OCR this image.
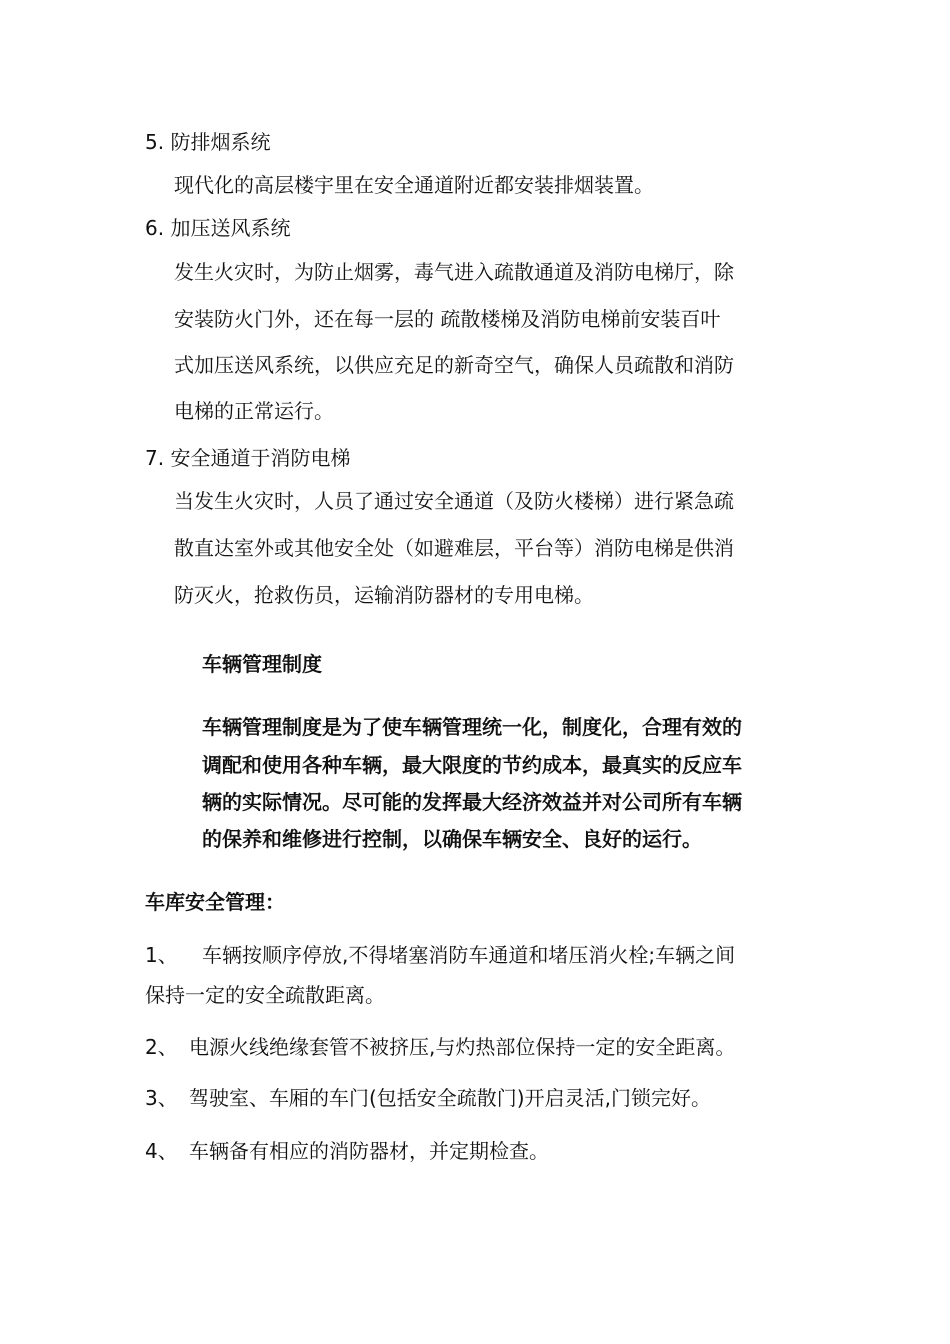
5. 防排烟系统
现代化的高层楼宇里在安全通道附近都安装排烟装置。
6. 加压送风系统
发生火灾时，为防止烟雾，毒气进入疏散通道及消防电梯厅，除
安装防火门外，还在每一层的 疏散楼梯及消防电梯前安装百叶
式加压送风系统，以供应充足的新奇空气，确保人员疏散和消防
电梯的正常运行。
7. 安全通道于消防电梯
当发生火灾时，人员了通过安全通道（及防火楼梯）进行紧急疏
散直达室外或其他安全处（如避难层，平台等）消防电梯是供消
防灭火，抢救伤员，运输消防器材的专用电梯。
车辆管理制度
车辆管理制度是为了使车辆管理统一化，制度化，合理有效的
调配和使用各种车辆，最大限度的节约成本，最真实的反应车
辆的实际情况。尽可能的发挥最大经济效益并对公司所有车辆
的保养和维修进行控制，以确保车辆安全、良好的运行。
车库安全管理：
1、 车辆按顺序停放,不得堵塞消防车通道和堵压消火栓;车辆之间
保持一定的安全疏散距离。
2、 电源火线绝缘套管不被挤压,与灼热部位保持一定的安全距离。
3、 驾驶室、车厢的车门(包括安全疏散门)开启灵活,门锁完好。
4、 车辆备有相应的消防器材，并定期检查。
